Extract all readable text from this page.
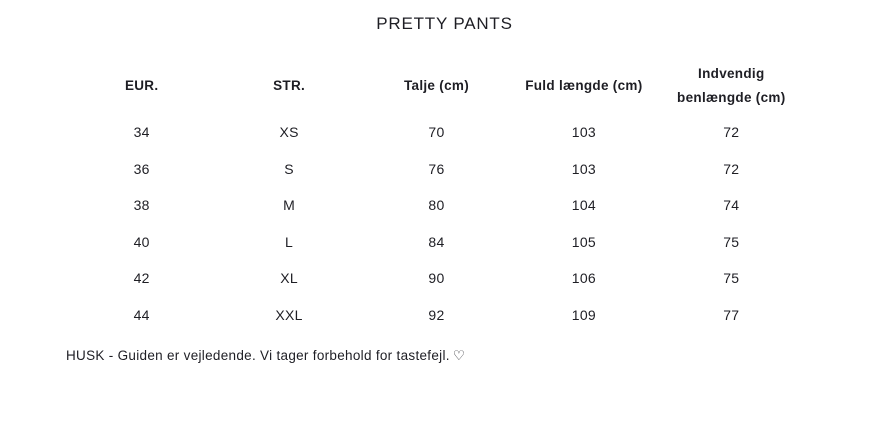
PRETTY PANTS
EUR.	STR.	Talje (cm)	Fuld længde (cm)	Indvendig benlængde (cm)
34	XS	70	103	72
36	S	76	103	72
38	M	80	104	74
40	L	84	105	75
42	XL	90	106	75
44	XXL	92	109	77

HUSK - Guiden er vejledende. Vi tager forbehold for tastefejl. ♡
